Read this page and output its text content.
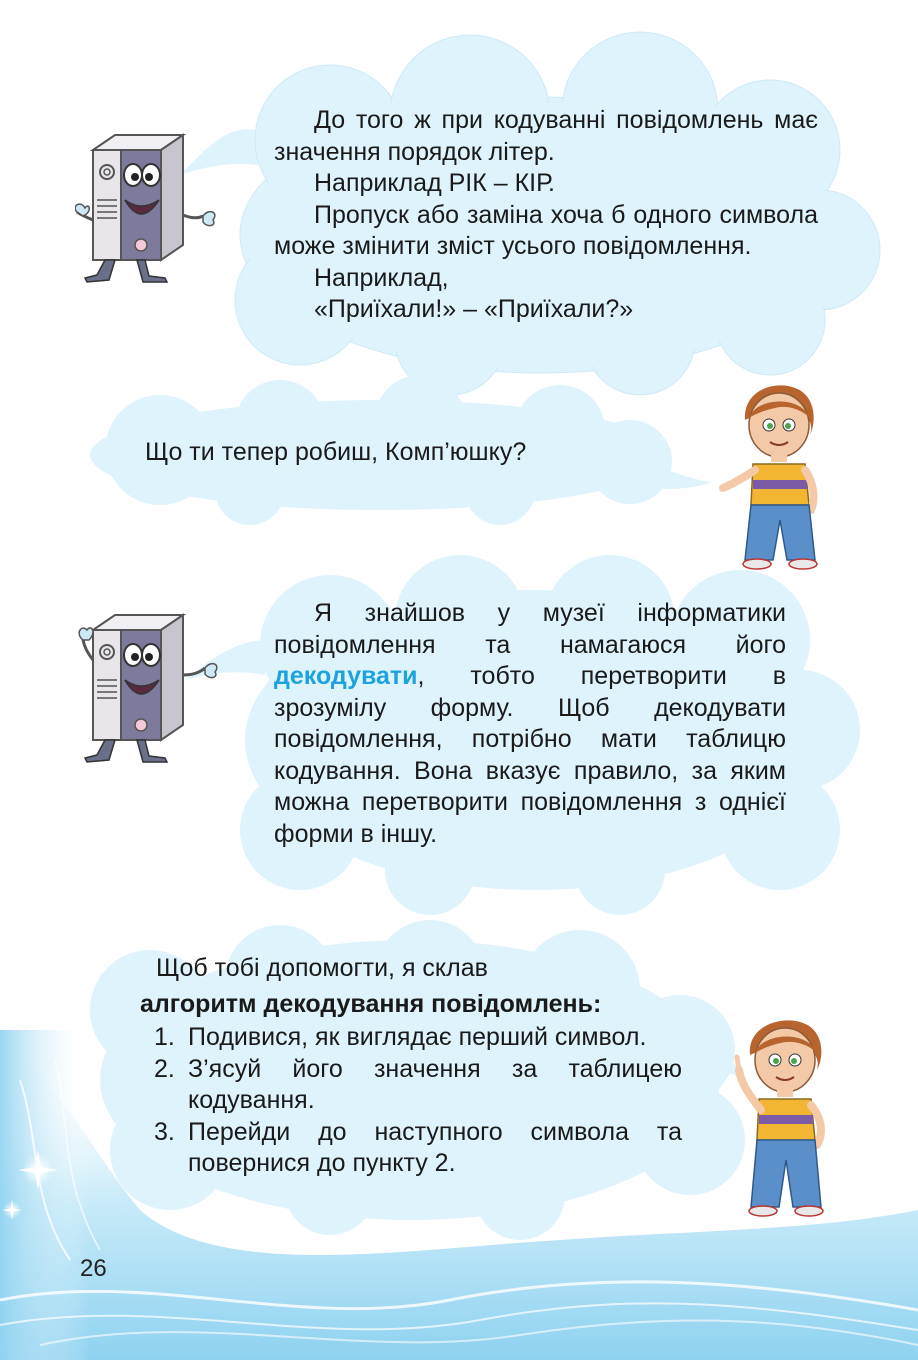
До того ж при кодуванні повідомлень має значення порядок літер.

Наприклад РІК – КІР.

Пропуск або заміна хоча б одного символа може змінити зміст усього повідомлення.

Наприклад,

«Приїхали!» – «Приїхали?»

Що ти тепер робиш, Комп’юшку?

Я знайшов у музеї інформатики повідомлення та намагаюся його декодувати, тобто перетворити в зрозумілу форму. Щоб декодувати повідомлення, потрібно мати таблицю кодування. Вона вказує правило, за яким можна перетворити повідомлення з однієї форми в іншу.

Щоб тобі допомогти, я склав

алгоритм декодування повідомлень:

1. Подивися, як виглядає перший символ.
2. З’ясуй його значення за таблицею кодування.
3. Перейди до наступного символа та повернися до пункту 2.
26
